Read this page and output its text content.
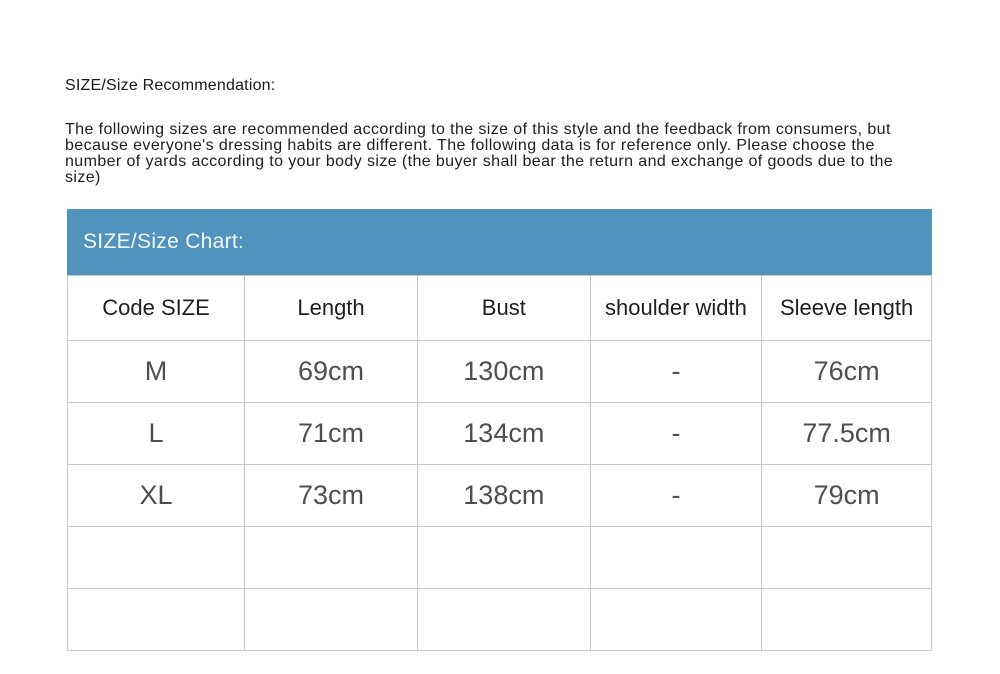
SIZE/Size Recommendation:

The following sizes are recommended according to the size of this style and the feedback from consumers, but because everyone's dressing habits are different. The following data is for reference only. Please choose the number of yards according to your body size (the buyer shall bear the return and exchange of goods due to the size)

SIZE/Size Chart:
Code SIZE	Length	Bust	shoulder width	Sleeve length
M	69cm	130cm	-	76cm
L	71cm	134cm	-	77.5cm
XL	73cm	138cm	-	79cm
